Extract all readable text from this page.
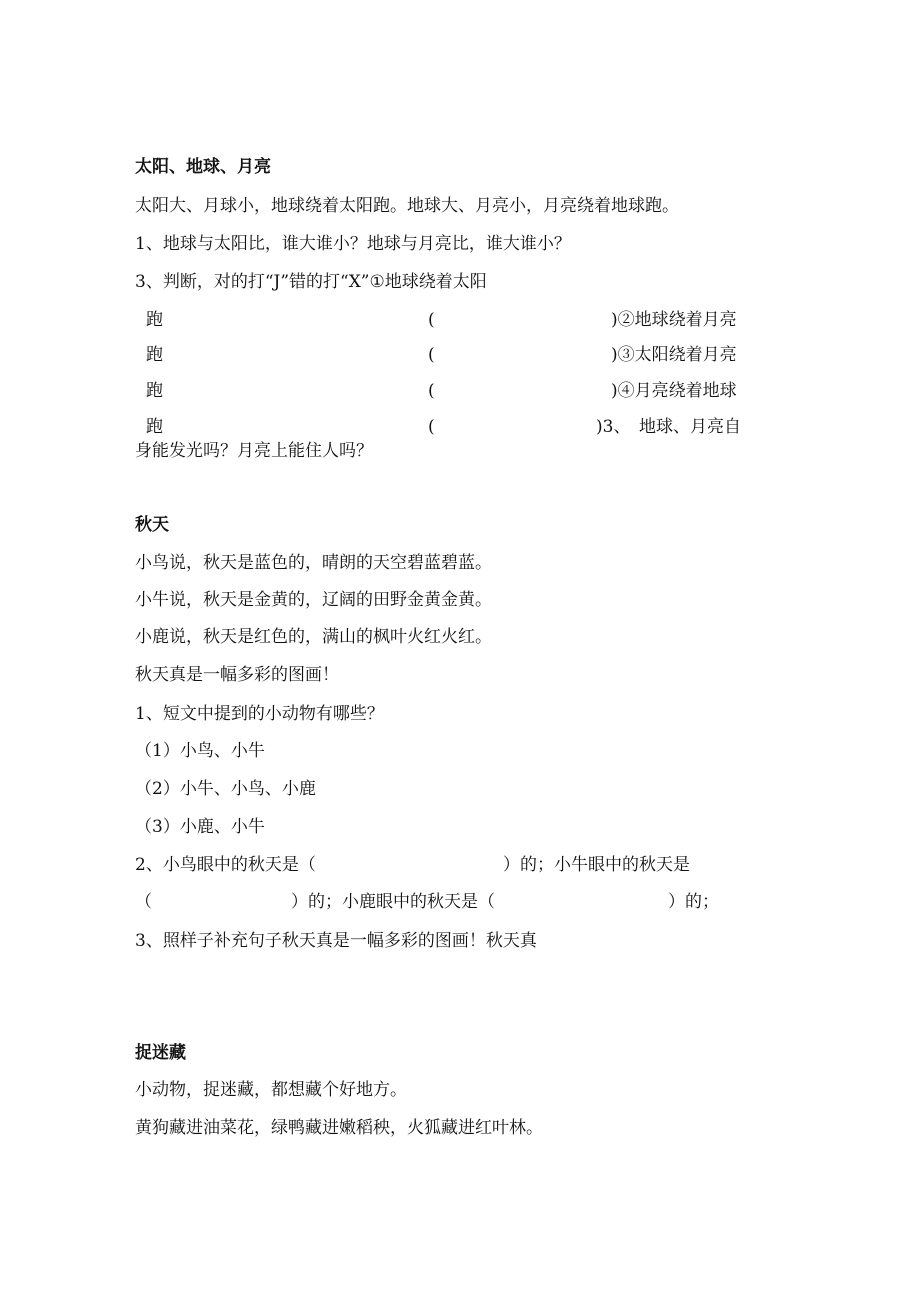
太阳、地球、月亮
太阳大、月球小，地球绕着太阳跑。地球大、月亮小，月亮绕着地球跑。
1、地球与太阳比，谁大谁小？地球与月亮比，谁大谁小？
3、判断，对的打“J”错的打“X”①地球绕着太阳
跑	(	)②地球绕着月亮
跑	(	)③太阳绕着月亮
跑	(	)④月亮绕着地球
跑	(	)3、　地球、月亮自
身能发光吗？月亮上能住人吗？
秋天
小鸟说，秋天是蓝色的，晴朗的天空碧蓝碧蓝。
小牛说，秋天是金黄的，辽阔的田野金黄金黄。
小鹿说，秋天是红色的，满山的枫叶火红火红。
秋天真是一幅多彩的图画！
1、短文中提到的小动物有哪些？
（1）小鸟、小牛
（2）小牛、小鸟、小鹿
（3）小鹿、小牛
2、小鸟眼中的秋天是（	）的；小牛眼中的秋天是
（	）的；小鹿眼中的秋天是（	）的；
3、照样子补充句子秋天真是一幅多彩的图画！秋天真
捉迷藏
小动物，捉迷藏，都想藏个好地方。
黄狗藏进油菜花，绿鸭藏进嫩稻秧，火狐藏进红叶林。
